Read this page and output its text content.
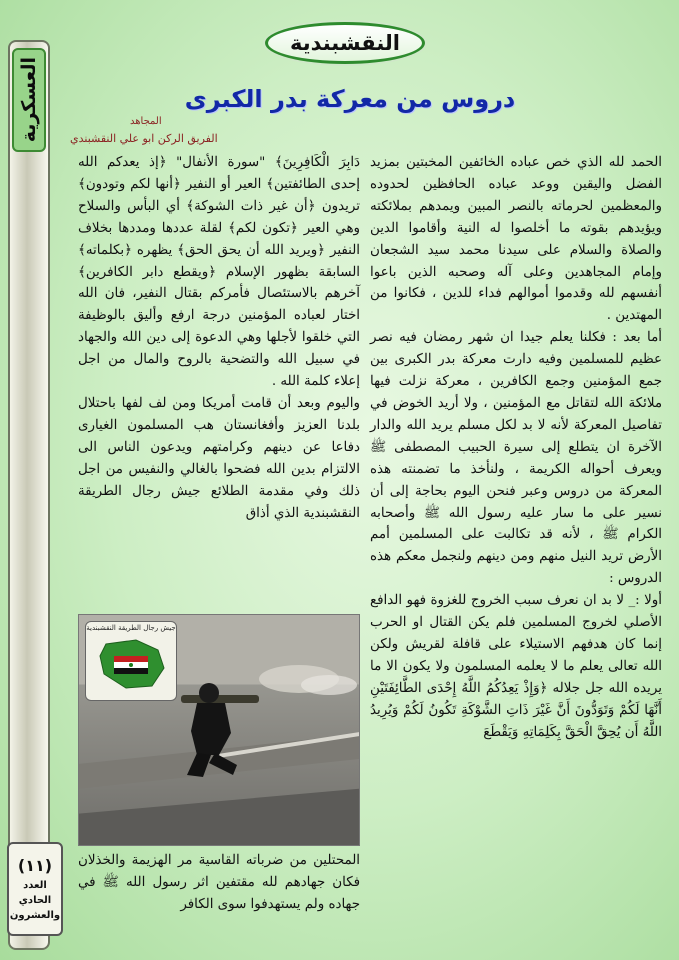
العسكرية
(١١)
العدد
الحادي
والعشرون
النقشبندية
دروس من معركة بدر الكبرى
المجاهد
الفريق الركن ابو علي النقشبندي

الحمد لله الذي خص عباده الخائفين المخبتين بمزيد الفضل واليقين ووعد عباده الحافظين لحدوده والمعظمين لحرماته بالنصر المبين ويمدهم بملائكته ويؤيدهم بقوته ما أخلصوا له النية وأقاموا الدين والصلاة والسلام على سيدنا محمد سيد الشجعان وإمام المجاهدين وعلى آله وصحبه الذين باعوا أنفسهم لله وقدموا أموالهم فداء للدين ، فكانوا من المهتدين .

أما بعد : فكلنا يعلم جيدا ان شهر رمضان فيه نصر عظيم للمسلمين وفيه دارت معركة بدر الكبرى بين جمع المؤمنين وجمع الكافرين ، معركة نزلت فيها ملائكة الله لتقاتل مع المؤمنين ، ولا أريد الخوض في تفاصيل المعركة لأنه لا بد لكل مسلم يريد الله والدار الآخرة ان يتطلع إلى سيرة الحبيب المصطفى ﷺ ويعرف أحواله الكريمة ، ولنأخذ ما تضمنته هذه المعركة من دروس وعبر فنحن اليوم بحاجة إلى أن نسير على ما سار عليه رسول الله ﷺ وأصحابه الكرام ﷺ ، لأنه قد تكالبت على المسلمين أمم الأرض تريد النيل منهم ومن دينهم ولنجمل معكم هذه الدروس :

أولا :_ لا بد ان نعرف سبب الخروج للغزوة فهو الدافع الأصلي لخروج المسلمين فلم يكن القتال او الحرب إنما كان هدفهم الاستيلاء على قافلة لقريش ولكن الله تعالى يعلم ما لا يعلمه المسلمون ولا يكون الا ما يريده الله جل جلاله ﴿وَإِذْ يَعِدُكُمُ اللَّهُ إِحْدَى الطَّائِفَتَيْنِ أَنَّهَا لَكُمْ وَتَوَدُّونَ أَنَّ غَيْرَ ذَاتِ الشَّوْكَةِ تَكُونُ لَكُمْ وَيُرِيدُ اللَّهُ أَن يُحِقَّ الْحَقَّ بِكَلِمَاتِهِ وَيَقْطَعَ

دَابِرَ الْكَافِرِينَ﴾ "سورة الأنفال" ﴿إذ يعدكم الله إحدى الطائفتين﴾ العير أو النفير ﴿أنها لكم وتودون﴾ تريدون ﴿أن غير ذات الشوكة﴾ أي البأس والسلاح وهي العير ﴿تكون لكم﴾ لقلة عددها ومددها بخلاف النفير ﴿ويريد الله أن يحق الحق﴾ يظهره ﴿بكلماته﴾ السابقة بظهور الإسلام ﴿ويقطع دابر الكافرين﴾ آخرهم بالاستئصال فأمركم بقتال النفير، فان الله اختار لعباده المؤمنين درجة ارفع وأليق بالوظيفة التي خلقوا لأجلها وهي الدعوة إلى دين الله والجهاد في سبيل الله والتضحية بالروح والمال من اجل إعلاء كلمة الله .

واليوم وبعد أن قامت أمريكا ومن لف لفها باحتلال بلدنا العزيز وأفغانستان هب المسلمون الغيارى دفاعا عن دينهم وكرامتهم ويدعون الناس الى الالتزام بدين الله فضحوا بالغالي والنفيس من اجل ذلك وفي مقدمة الطلائع جيش رجال الطريقة النقشبندية الذي أذاق

جيش رجال الطريقة النقشبندية

المحتلين من ضرباته القاسية مر الهزيمة والخذلان فكان جهادهم لله مقتفين اثر رسول الله ﷺ في جهاده ولم يستهدفوا سوى الكافر
